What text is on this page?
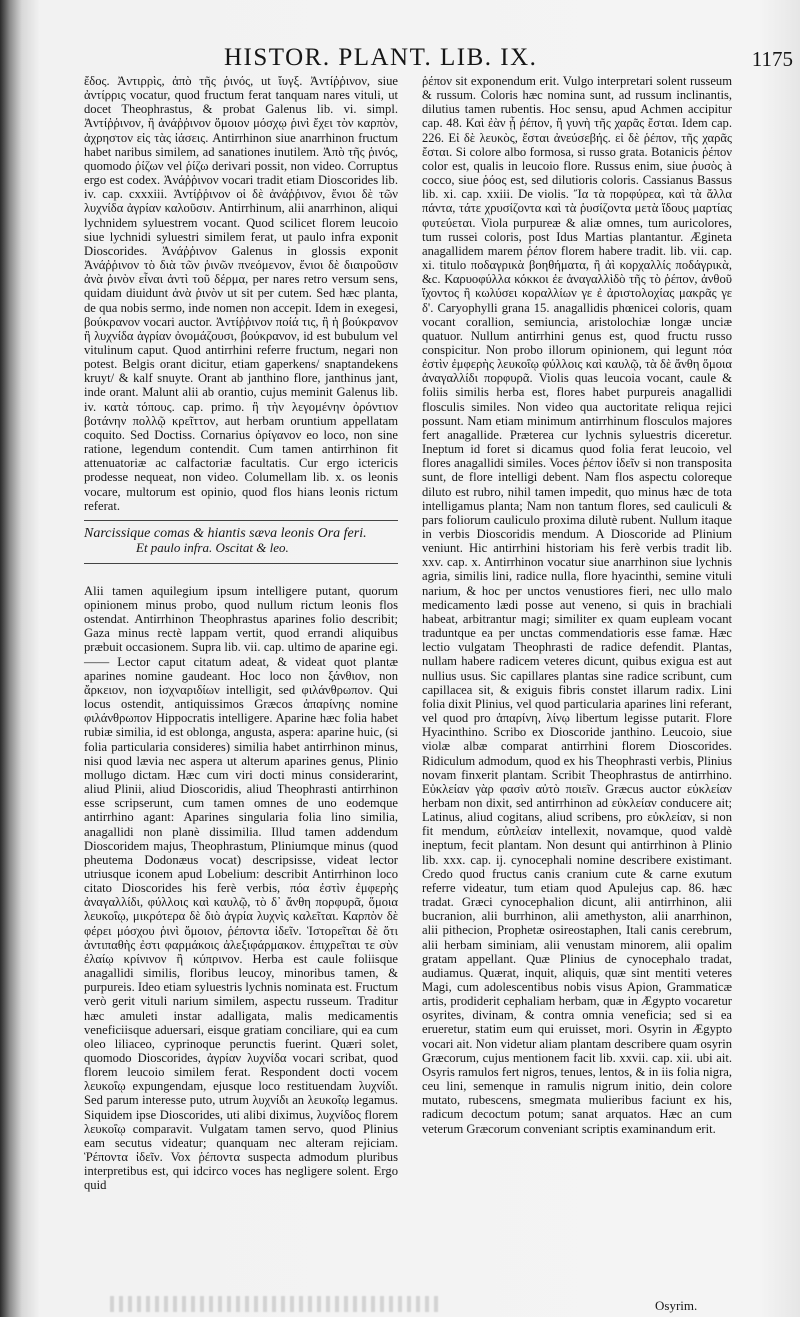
HISTOR. PLANT. LIB. IX.	1175

ἔδος. Ἀντιρρὶς, ἀπὸ τῆς ῥινός, ut ἴυγξ. Ἀντίῤῥινον, siue ἀντίρρις vocatur, quod fructum ferat tanquam nares vituli, ut docet Theophrastus, & probat Galenus lib. vi. simpl. Ἀντίῤῥινον, ἢ ἀνάῤῥινον ὅμοιον μόσχῳ ῥινὶ ἔχει τὸν καρπὸν, ἀχρηστον εἰς τὰς ἰάσεις. Antirrhinon siue anarrhinon fructum habet naribus similem, ad sanationes inutilem. Ἀπὸ τῆς ῥινός, quomodo ῥίζων vel ῥίζω derivari possit, non video. Corruptus ergo est codex. Ἀνάῤῥινον vocari tradit etiam Dioscorides lib. iv. cap. cxxxiii. Ἀντίῤῥινον οἱ δὲ ἀνάῤῥινον, ἔνιοι δὲ τῶν λυχνίδα ἀγρίαν καλοῦσιν. Antirrhinum, alii anarrhinon, aliqui lychnidem syluestrem vocant. Quod scilicet florem leucoio siue lychnidi syluestri similem ferat, ut paulo infra exponit Dioscorides. Ἀνάῤῥινον Galenus in glossis exponit Ἀνάῤῥινον τὸ διὰ τῶν ῥινῶν πνεόμενον, ἔνιοι δὲ διαιροῦσιν ἀνὰ ῥινὸν εἶναι ἀντὶ τοῦ δέρμα, per nares retro versum sens, quidam diuidunt ἀνὰ ῥινὸν ut sit per cutem. Sed hæc planta, de qua nobis sermo, inde nomen non accepit. Idem in exegesi, βούκρανον vocari auctor. Ἀντίῤῥινον ποίά τις, ἢ ἡ βούκρανον ἢ λυχνίδα ἀγρίαν ὀνομάζουσι, βούκρανον, id est bubulum vel vitulinum caput. Quod antirrhini referre fructum, negari non potest. Belgis orant dicitur, etiam gaperkens/ snaptandekens kruyt/ & kalf snuyte. Orant ab janthino flore, janthinus jant, inde orant. Malunt alii ab orantio, cujus meminit Galenus lib. iv. κατὰ τόπους. cap. primo. ἢ τὴν λεγομένην ὀρόντιον βοτάνην πολλῷ κρεῖττον, aut herbam oruntium appellatam coquito. Sed Doctiss. Cornarius ὀρίγανον eo loco, non sine ratione, legendum contendit. Cum tamen antirrhinon fit attenuatoriæ ac calfactoriæ facultatis. Cur ergo ictericis prodesse nequeat, non video. Columellam lib. x. os leonis vocare, multorum est opinio, quod flos hians leonis rictum referat.

Narcissique comas & hiantis sæva leonis Ora feri.
Et paulo infra. Oscitat & leo.

Alii tamen aquilegium ipsum intelligere putant, quorum opinionem minus probo, quod nullum rictum leonis flos ostendat. Antirrhinon Theophrastus aparines folio describit; Gaza minus rectè lappam vertit, quod errandi aliquibus præbuit occasionem. Supra lib. vii. cap. ultimo de aparine egi. —— Lector caput citatum adeat, & videat quot plantæ aparines nomine gaudeant. Hoc loco non ξάνθιον, non ἄρκειον, non ἰσχναριδίων intelligit, sed φιλάνθρωπον. Qui locus ostendit, antiquissimos Græcos ἀπαρίνης nomine φιλάνθρωπον Hippocratis intelligere. Aparine hæc folia habet rubiæ similia, id est oblonga, angusta, aspera: aparine huic, (si folia particularia consideres) similia habet antirrhinon minus, nisi quod lævia nec aspera ut alterum aparines genus, Plinio mollugo dictam. Hæc cum viri docti minus considerarint, aliud Plinii, aliud Dioscoridis, aliud Theophrasti antirrhinon esse scripserunt, cum tamen omnes de uno eodemque antirrhino agant: Aparines singularia folia lino similia, anagallidi non planè dissimilia. Illud tamen addendum Dioscoridem majus, Theophrastum, Pliniumque minus (quod pheutema Dodonæus vocat) descripsisse, videat lector utriusque iconem apud Lobelium: describit Antirrhinon loco citato Dioscorides his ferè verbis, πόα ἐστὶν ἐμφερὴς ἀναγαλλίδι, φύλλοις καὶ καυλῷ, τὸ δ᾽ ἄνθη πορφυρᾶ, ὅμοια λευκοΐῳ, μικρότερα δὲ διὸ ἀγρία λυχνὶς καλεῖται. Καρπὸν δὲ φέρει μόσχου ῥινὶ ὅμοιον, ῥέποντα ἰδεῖν. Ἱστορεῖται δὲ ὅτι ἀντιπαθὴς ἐστι φαρμάκοις ἀλεξιφάρμακον. ἐπιχρεῖται τε σὺν ἐλαίῳ κρίνινον ἢ κύπρινον. Herba est caule foliisque anagallidi similis, floribus leucoy, minoribus tamen, & purpureis. Ideo etiam syluestris lychnis nominata est. Fructum verò gerit vituli narium similem, aspectu russeum. Traditur hæc amuleti instar adalligata, malis medicamentis veneficiisque aduersari, eisque gratiam conciliare, qui ea cum oleo liliaceo, cyprinoque perunctis fuerint. Quæri solet, quomodo Dioscorides, ἀγρίαν λυχνίδα vocari scribat, quod florem leucoio similem ferat. Respondent docti vocem λευκοΐῳ expungendam, ejusque loco restituendam λυχνίδι. Sed parum interesse puto, utrum λυχνίδι an λευκοΐῳ legamus. Siquidem ipse Dioscorides, uti alibi diximus, λυχνίδος florem λευκοΐῳ comparavit. Vulgatam tamen servo, quod Plinius eam secutus videatur; quanquam nec alteram rejiciam. Ῥέποντα ἰδεῖν. Vox ῥέποντα suspecta admodum pluribus interpretibus est, qui idcirco voces has negligere solent. Ergo quid

ῥέπον sit exponendum erit. Vulgo interpretari solent russeum & russum. Coloris hæc nomina sunt, ad russum inclinantis, dilutius tamen rubentis. Hoc sensu, apud Achmen accipitur cap. 48. Καὶ ἐὰν ᾖ ῥέπον, ἢ γυνὴ τῆς χαρᾶς ἔσται. Idem cap. 226. Εἰ δὲ λευκὸς, ἔσται ἀνεύσεβής. εἰ δὲ ῥέπον, τῆς χαρᾶς ἔσται. Si colore albo formosa, si russo grata. Botanicis ῥέπον color est, qualis in leucoio flore. Russus enim, siue ῥυσὸς à cocco, siue ῥόος est, sed dilutioris coloris. Cassianus Bassus lib. xi. cap. xxiii. De violis. Ἴα τὰ πορφύρεα, καὶ τὰ ἄλλα πάντα, τάτε χρυσίζοντα καὶ τὰ ῥυσίζοντα μετὰ ἴδους μαρτίας φυτεύεται. Viola purpureæ & aliæ omnes, tum auricolores, tum russei coloris, post Idus Martias plantantur. Ægineta anagallidem marem ῥέπον florem habere tradit. lib. vii. cap. xi. titulo ποδαγρικὰ βοηθήματα, ἢ ἀὶ κορχαλλίς ποδάγρικὰ, &c. Καρυοφύλλα κόκκοι ἐε ἀναγαλλὶδὸ τῆς τὸ ῥέπον, ἀνθοῦ ἴχοντος ἢ κωλύσει κοραλλίων γε ἐ ἀριστολοχίας μακρᾶς γε δ'. Caryophylli grana 15. anagallidis phœnicei coloris, quam vocant corallion, semiuncia, aristolochiæ longæ unciæ quatuor. Nullum antirrhini genus est, quod fructu russo conspicitur. Non probo illorum opinionem, qui legunt πόα ἐστὶν ἐμφερὴς λευκοΐῳ φύλλοις καὶ καυλῷ, τὰ δὲ ἄνθη ὅμοια ἀναγαλλίδι πορφυρᾶ. Violis quas leucoia vocant, caule & foliis similis herba est, flores habet purpureis anagallidi flosculis similes. Non video qua auctoritate reliqua rejici possunt. Nam etiam minimum antirrhinum flosculos majores fert anagallide. Præterea cur lychnis syluestris diceretur. Ineptum id foret si dicamus quod folia ferat leucoio, vel flores anagallidi similes. Voces ῥέπον ἰδεῖν si non transposita sunt, de flore intelligi debent. Nam flos aspectu coloreque diluto est rubro, nihil tamen impedit, quo minus hæc de tota intelligamus planta; Nam non tantum flores, sed cauliculi & pars foliorum cauliculo proxima dilutè rubent. Nullum itaque in verbis Dioscoridis mendum. A Dioscoride ad Plinium veniunt. Hic antirrhini historiam his ferè verbis tradit lib. xxv. cap. x. Antirrhinon vocatur siue anarrhinon siue lychnis agria, similis lini, radice nulla, flore hyacinthi, semine vituli narium, & hoc per unctos venustiores fieri, nec ullo malo medicamento lædi posse aut veneno, si quis in brachiali habeat, arbitrantur magi; similiter ex quam eupleam vocant traduntque ea per unctas commendatioris esse famæ. Hæc lectio vulgatam Theophrasti de radice defendit. Plantas, nullam habere radicem veteres dicunt, quibus exigua est aut nullius usus. Sic capillares plantas sine radice scribunt, cum capillacea sit, & exiguis fibris constet illarum radix. Lini folia dixit Plinius, vel quod particularia aparines lini referant, vel quod pro ἀπαρίνη, λίνῳ libertum legisse putarit. Flore Hyacinthino. Scribo ex Dioscoride janthino. Leucoio, siue violæ albæ comparat antirrhini florem Dioscorides. Ridiculum admodum, quod ex his Theophrasti verbis, Plinius novam finxerit plantam. Scribit Theophrastus de antirrhino. Εὐκλείαν γὰρ φασὶν αὐτὸ ποιεῖν. Græcus auctor εὐκλείαν herbam non dixit, sed antirrhinon ad εὐκλείαν conducere ait; Latinus, aliud cogitans, aliud scribens, pro εὐκλείαν, si non fit mendum, εὐπλείαν intellexit, novamque, quod valdè ineptum, fecit plantam. Non desunt qui antirrhinon à Plinio lib. xxx. cap. ij. cynocephali nomine describere existimant. Credo quod fructus canis cranium cute & carne exutum referre videatur, tum etiam quod Apulejus cap. 86. hæc tradat. Græci cynocephalion dicunt, alii antirrhinon, alii bucranion, alii burrhinon, alii amethyston, alii anarrhinon, alii pithecion, Prophetæ osireostaphen, Itali canis cerebrum, alii herbam siminiam, alii venustam minorem, alii opalim gratam appellant. Quæ Plinius de cynocephalo tradat, audiamus. Quærat, inquit, aliquis, quæ sint mentiti veteres Magi, cum adolescentibus nobis visus Apion, Grammaticæ artis, prodiderit cephaliam herbam, quæ in Ægypto vocaretur osyrites, divinam, & contra omnia veneficia; sed si ea erueretur, statim eum qui eruisset, mori. Osyrin in Ægypto vocari ait. Non videtur aliam plantam describere quam osyrin Græcorum, cujus mentionem facit lib. xxvii. cap. xii. ubi ait. Osyris ramulos fert nigros, tenues, lentos, & in iis folia nigra, ceu lini, semenque in ramulis nigrum initio, dein colore mutato, rubescens, smegmata mulieribus faciunt ex his, radicum decoctum potum; sanat arquatos. Hæc an cum veterum Græcorum conveniant scriptis examinandum erit.

Osyrim.
